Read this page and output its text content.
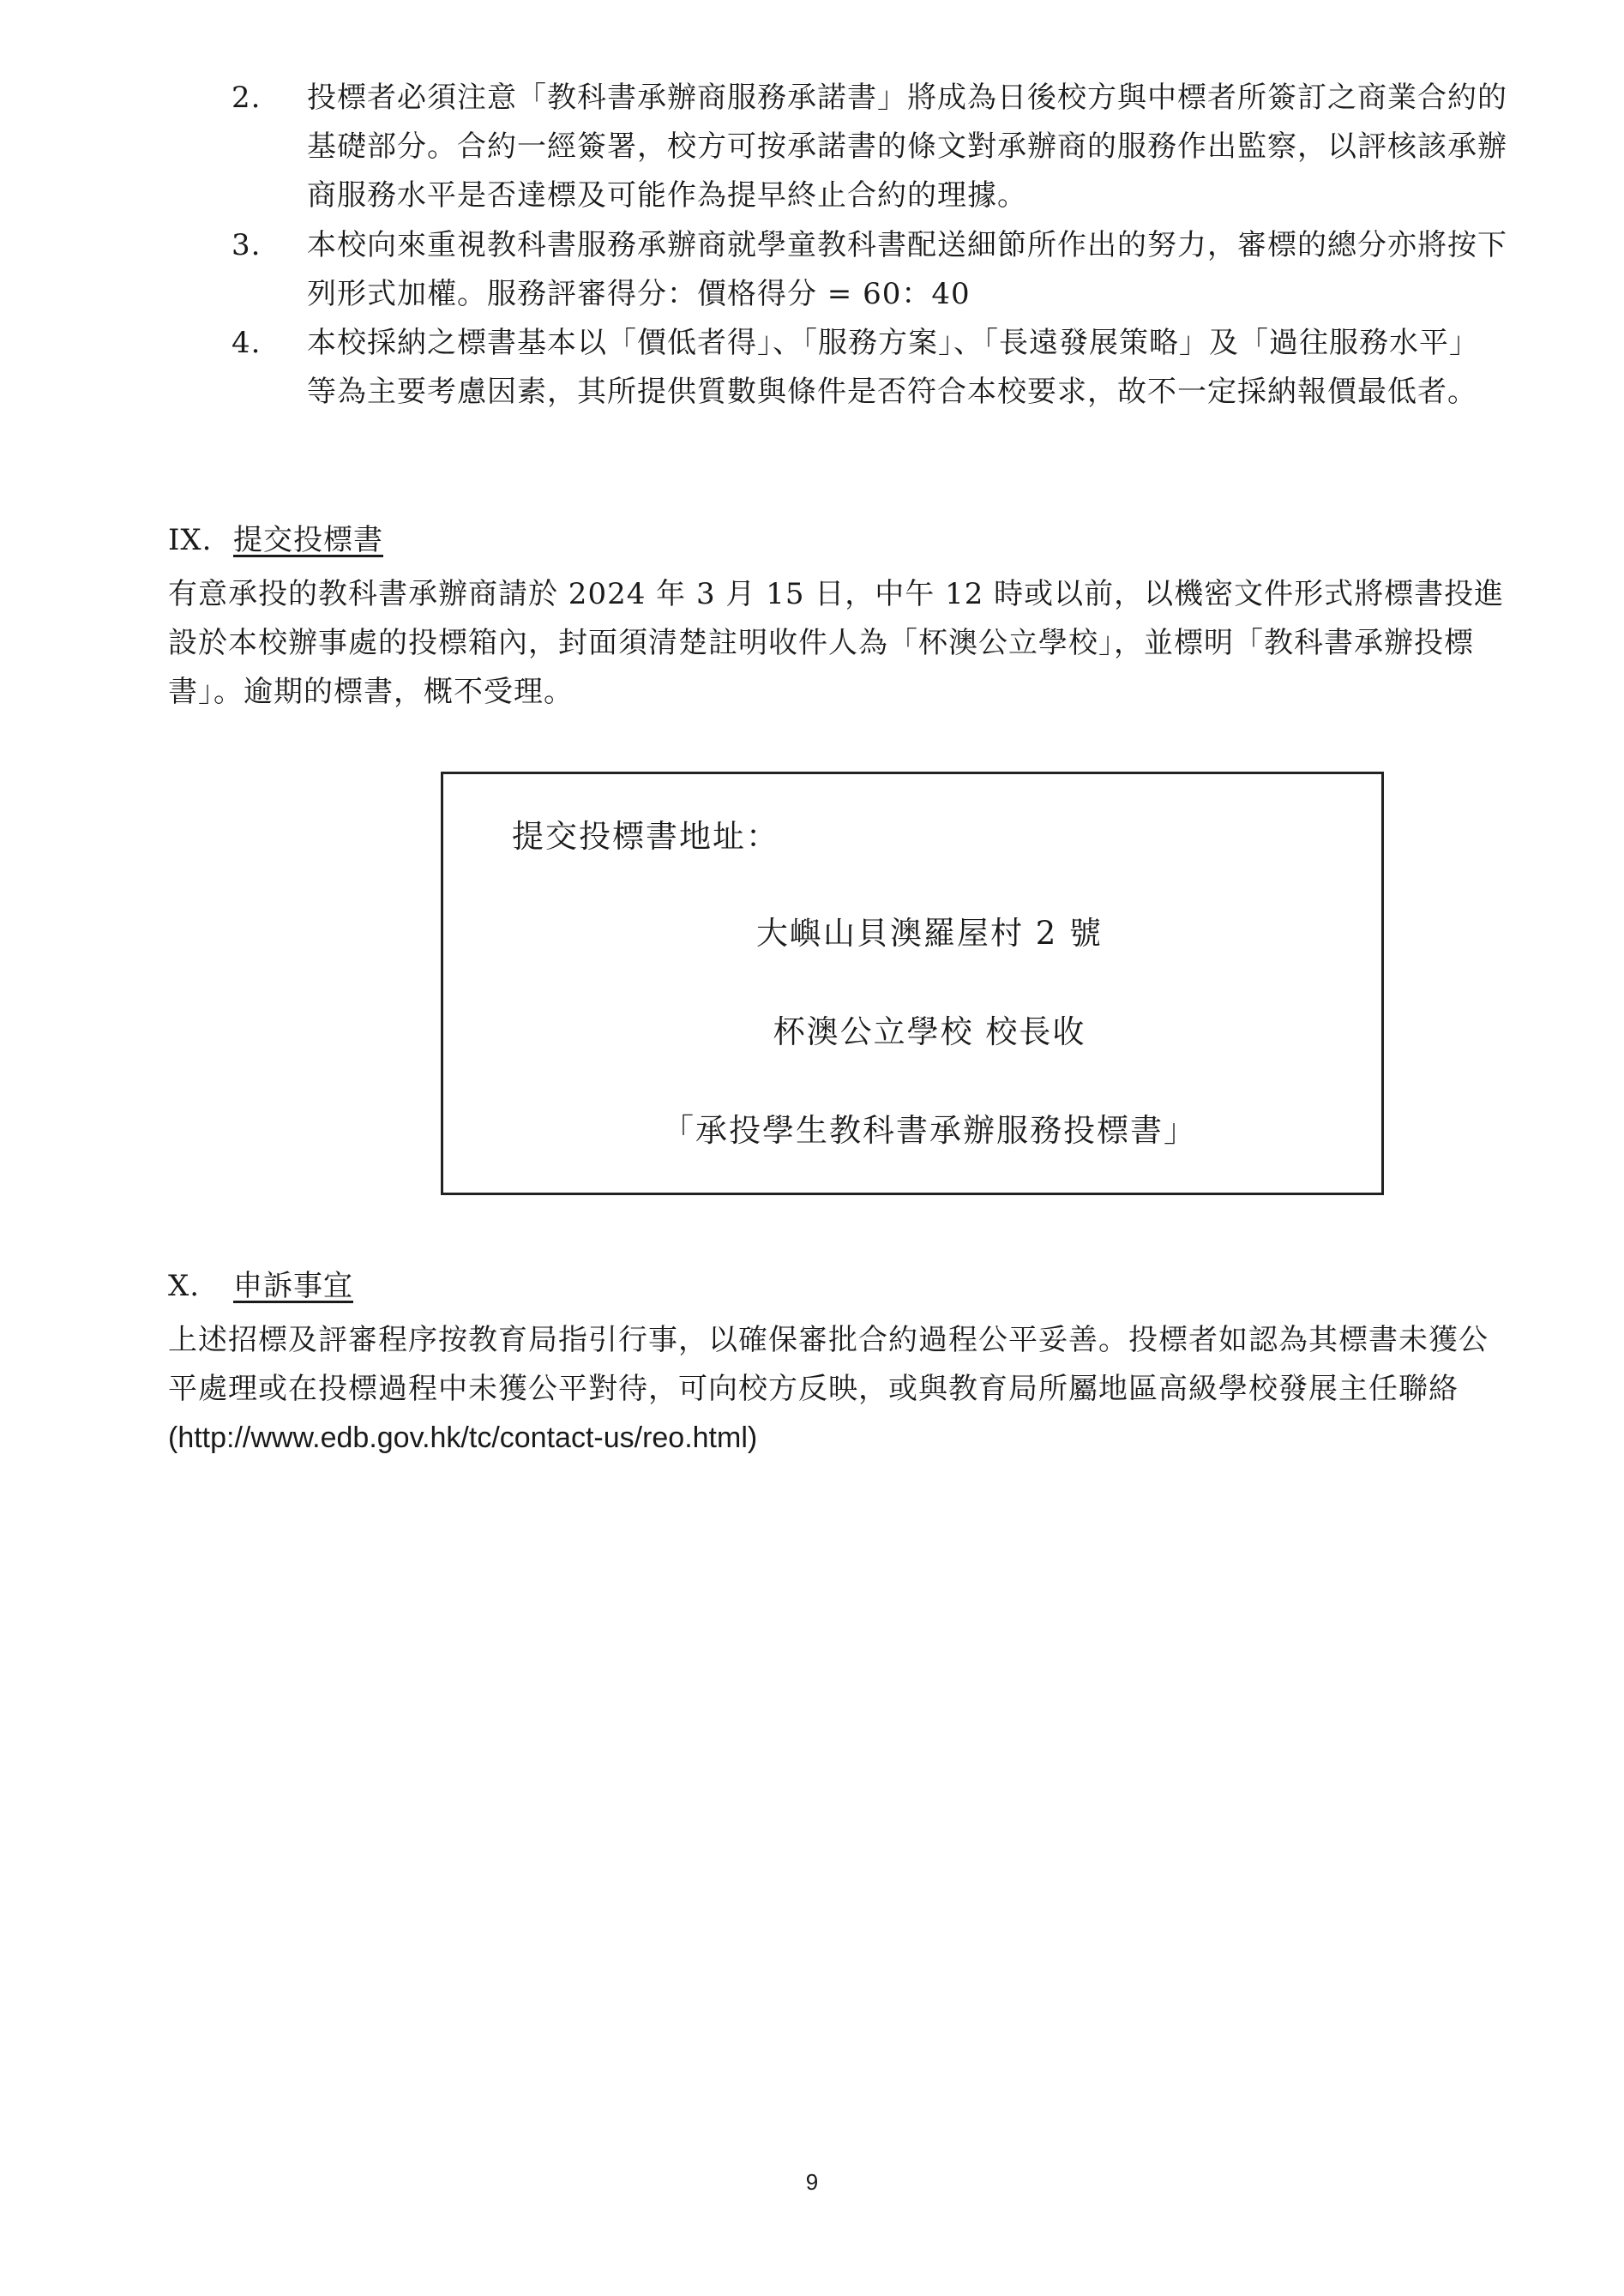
2.	投標者必須注意「教科書承辦商服務承諾書」將成為日後校方與中標者所簽訂之商業合約的基礎部分。合約一經簽署，校方可按承諾書的條文對承辦商的服務作出監察，以評核該承辦商服務水平是否達標及可能作為提早終止合約的理據。
3.	本校向來重視教科書服務承辦商就學童教科書配送細節所作出的努力，審標的總分亦將按下列形式加權。服務評審得分：價格得分 = 60：40
4.	本校採納之標書基本以「價低者得」、「服務方案」、「長遠發展策略」及「過往服務水平」等為主要考慮因素，其所提供質數與條件是否符合本校要求，故不一定採納報價最低者。
IX. 提交投標書
有意承投的教科書承辦商請於 2024 年 3 月 15 日，中午 12 時或以前，以機密文件形式將標書投進設於本校辦事處的投標箱內，封面須清楚註明收件人為「杯澳公立學校」，並標明「教科書承辦投標書」。逾期的標書，概不受理。
提交投標書地址：
大嶼山貝澳羅屋村 2 號
杯澳公立學校 校長收
「承投學生教科書承辦服務投標書」
X. 申訴事宜
上述招標及評審程序按教育局指引行事，以確保審批合約過程公平妥善。投標者如認為其標書未獲公平處理或在投標過程中未獲公平對待，可向校方反映，或與教育局所屬地區高級學校發展主任聯絡(http://www.edb.gov.hk/tc/contact-us/reo.html)
9
